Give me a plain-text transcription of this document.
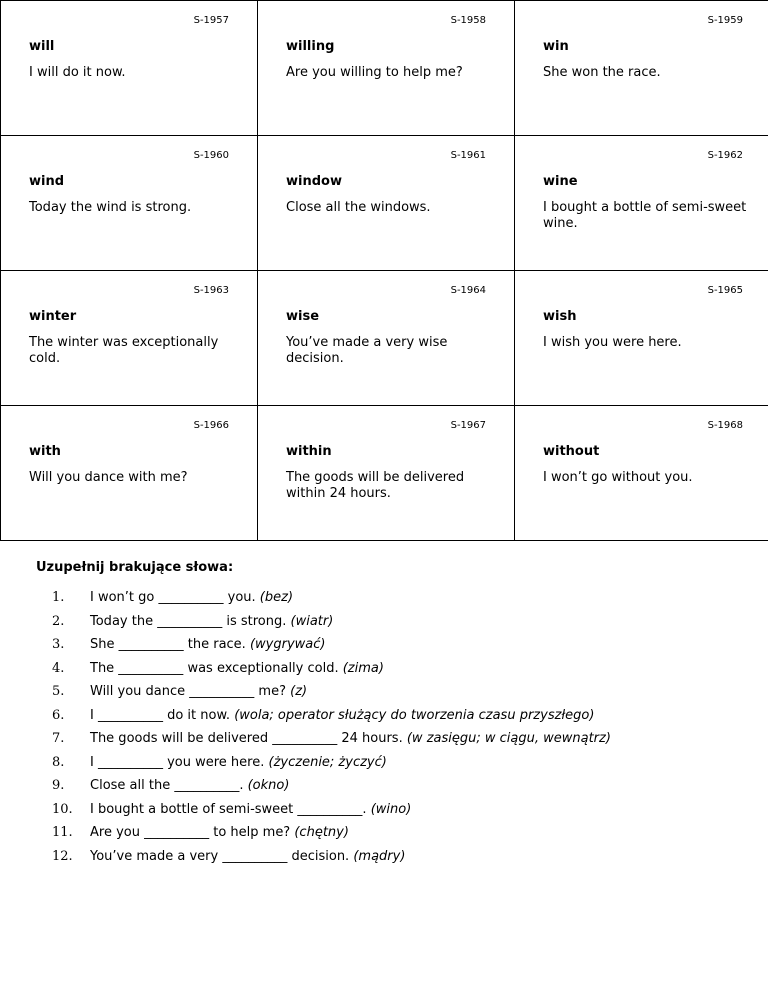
S-1957
will
I will do it now.	S-1958
willing
Are you willing to help me?	S-1959
win
She won the race.

S-1960
wind
Today the wind is strong.	S-1961
window
Close all the windows.	S-1962
wine
I bought a bottle of semi-sweet wine.

S-1963
winter
The winter was exceptionally cold.	S-1964
wise
You’ve made a very wise decision.	S-1965
wish
I wish you were here.

S-1966
with
Will you dance with me?	S-1967
within
The goods will be delivered within 24 hours.	S-1968
without
I won’t go without you.
Uzupełnij brakujące słowa:
1. I won’t go __________ you. (bez)
2. Today the __________ is strong. (wiatr)
3. She __________ the race. (wygrywać)
4. The __________ was exceptionally cold. (zima)
5. Will you dance __________ me? (z)
6. I __________ do it now. (wola; operator służący do tworzenia czasu przyszłego)
7. The goods will be delivered __________ 24 hours. (w zasięgu; w ciągu, wewnątrz)
8. I __________ you were here. (życzenie; życzyć)
9. Close all the __________. (okno)
10. I bought a bottle of semi-sweet __________. (wino)
11. Are you __________ to help me? (chętny)
12. You’ve made a very __________ decision. (mądry)
